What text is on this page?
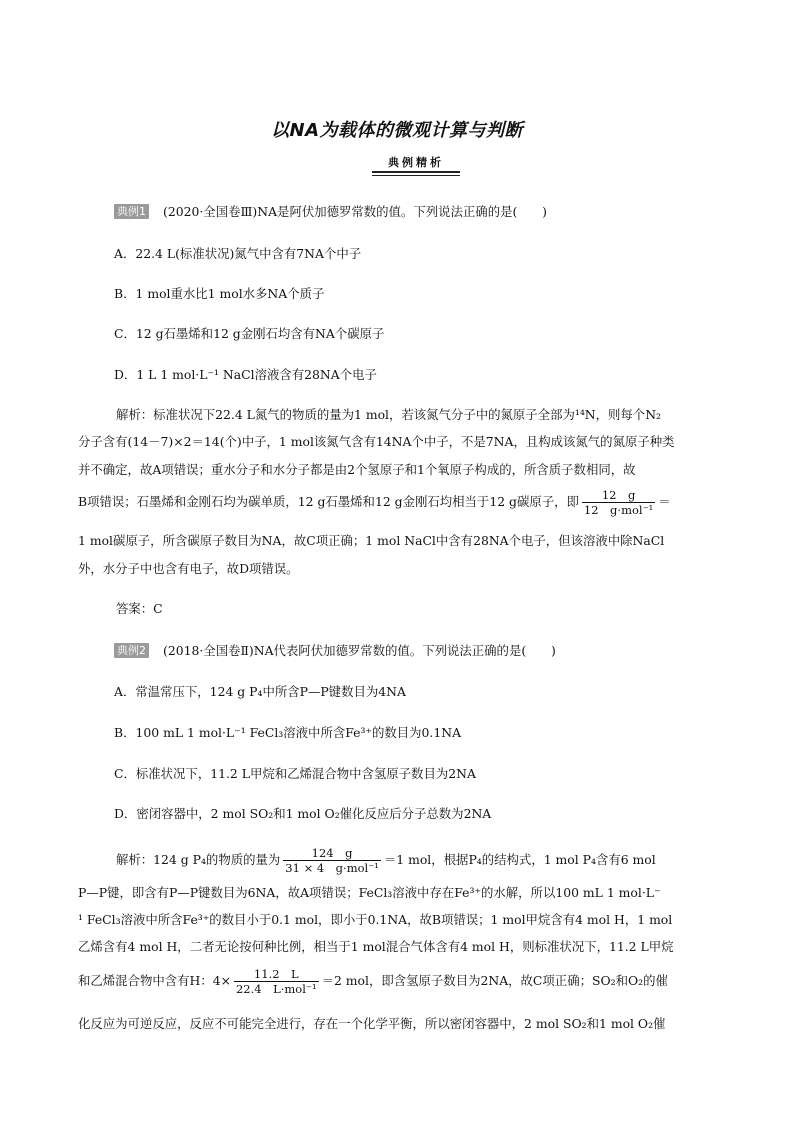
以NA为载体的微观计算与判断
典例精析
典例1 (2020·全国卷Ⅲ)NA是阿伏加德罗常数的值。下列说法正确的是(　　)
A．22.4 L(标准状况)氮气中含有7NA个中子
B．1 mol重水比1 mol水多NA个质子
C．12 g石墨烯和12 g金刚石均含有NA个碳原子
D．1 L 1 mol·L⁻¹ NaCl溶液含有28NA个电子
解析：标准状况下22.4 L氮气的物质的量为1 mol，若该氮气分子中的氮原子全部为¹⁴N，则每个N₂
分子含有(14－7)×2＝14(个)中子，1 mol该氮气含有14NA个中子，不是7NA，且构成该氮气的氮原子种类
并不确定，故A项错误；重水分子和水分子都是由2个氢原子和1个氧原子构成的，所含质子数相同，故
B项错误；石墨烯和金刚石均为碳单质，12 g石墨烯和12 g金刚石均相当于12 g碳原子，即 $\frac{12 g}{\text{12　g·mol⁻¹}}$ ＝
1 mol碳原子，所含碳原子数目为NA，故C项正确；1 mol NaCl中含有28NA个电子，但该溶液中除NaCl
外，水分子中也含有电子，故D项错误。
答案：C
典例2 (2018·全国卷Ⅱ)NA代表阿伏加德罗常数的值。下列说法正确的是(　　)
A．常温常压下，124 g P₄中所含P—P键数目为4NA
B．100 mL 1 mol·L⁻¹ FeCl₃溶液中所含Fe³⁺的数目为0.1NA
C．标准状况下，11.2 L甲烷和乙烯混合物中含氢原子数目为2NA
D．密闭容器中，2 mol SO₂和1 mol O₂催化反应后分子总数为2NA
解析：124 g P₄的物质的量为 $\frac{124 g}{\text{31 × 4　g·mol⁻¹}} =1$ mol，根据P₄的结构式，1 mol P₄含有6 mol
P—P键，即含有P—P键数目为6NA，故A项错误；FeCl₃溶液中存在Fe³⁺的水解，所以100 mL 1 mol·L⁻
¹ FeCl₃溶液中所含Fe³⁺的数目小于0.1 mol，即小于0.1NA，故B项错误；1 mol甲烷含有4 mol H，1 mol
乙烯含有4 mol H，二者无论按何种比例，相当于1 mol混合气体含有4 mol H，则标准状况下，11.2 L甲烷
和乙烯混合物中含有H：$4\times \frac{11.2 L}{\text{22.4　L·mol⁻¹}} =2$ mol，即含氢原子数目为2NA，故C项正确；SO₂和O₂的催
化反应为可逆反应，反应不可能完全进行，存在一个化学平衡，所以密闭容器中，2 mol SO₂和1 mol O₂催
